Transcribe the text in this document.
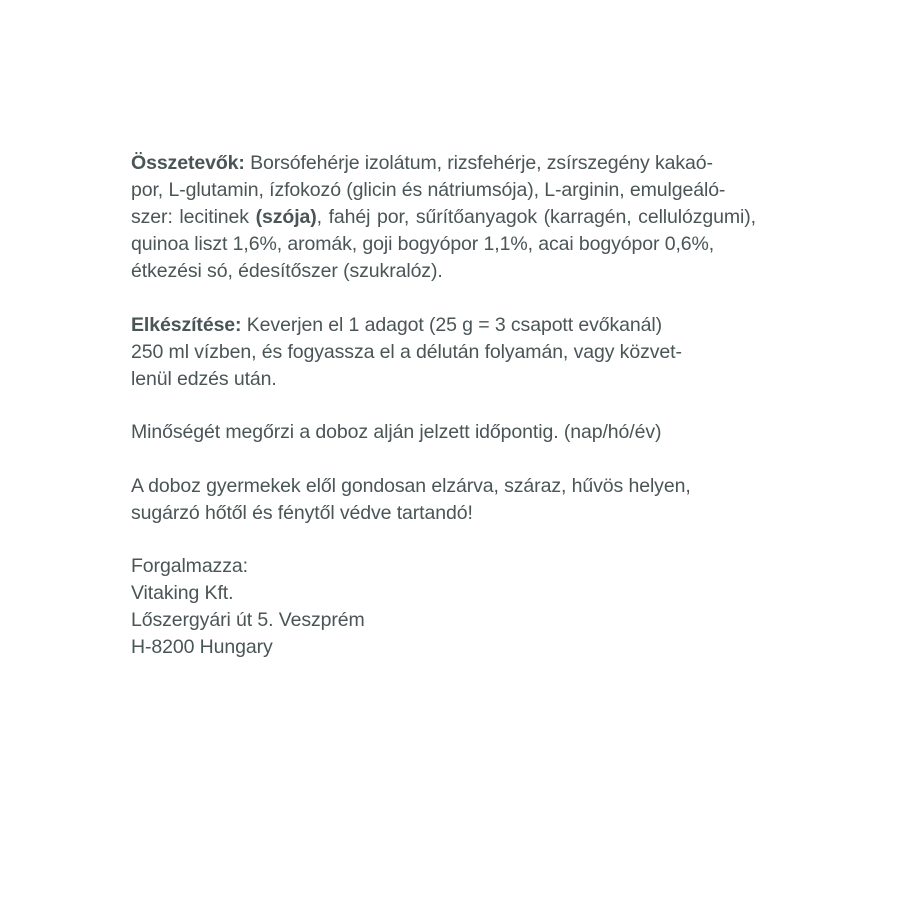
Összetevők: Borsófehérje izolátum, rizsfehérje, zsírszegény kakaó-
por, L-glutamin, ízfokozó (glicin és nátriumsója), L-arginin, emulgeáló-
szer: lecitinek (szója), fahéj por, sűrítőanyagok (karragén, cellulózgumi),
quinoa liszt 1,6%, aromák, goji bogyópor 1,1%, acai bogyópor 0,6%,
étkezési só, édesítőszer (szukralóz).

Elkészítése: Keverjen el 1 adagot (25 g = 3 csapott evőkanál)
250 ml vízben, és fogyassza el a délután folyamán, vagy közvet-
lenül edzés után.

Minőségét megőrzi a doboz alján jelzett időpontig. (nap/hó/év)

A doboz gyermekek elől gondosan elzárva, száraz, hűvös helyen,
sugárzó hőtől és fénytől védve tartandó!

Forgalmazza:
Vitaking Kft.
Lőszergyári út 5. Veszprém
H-8200 Hungary
